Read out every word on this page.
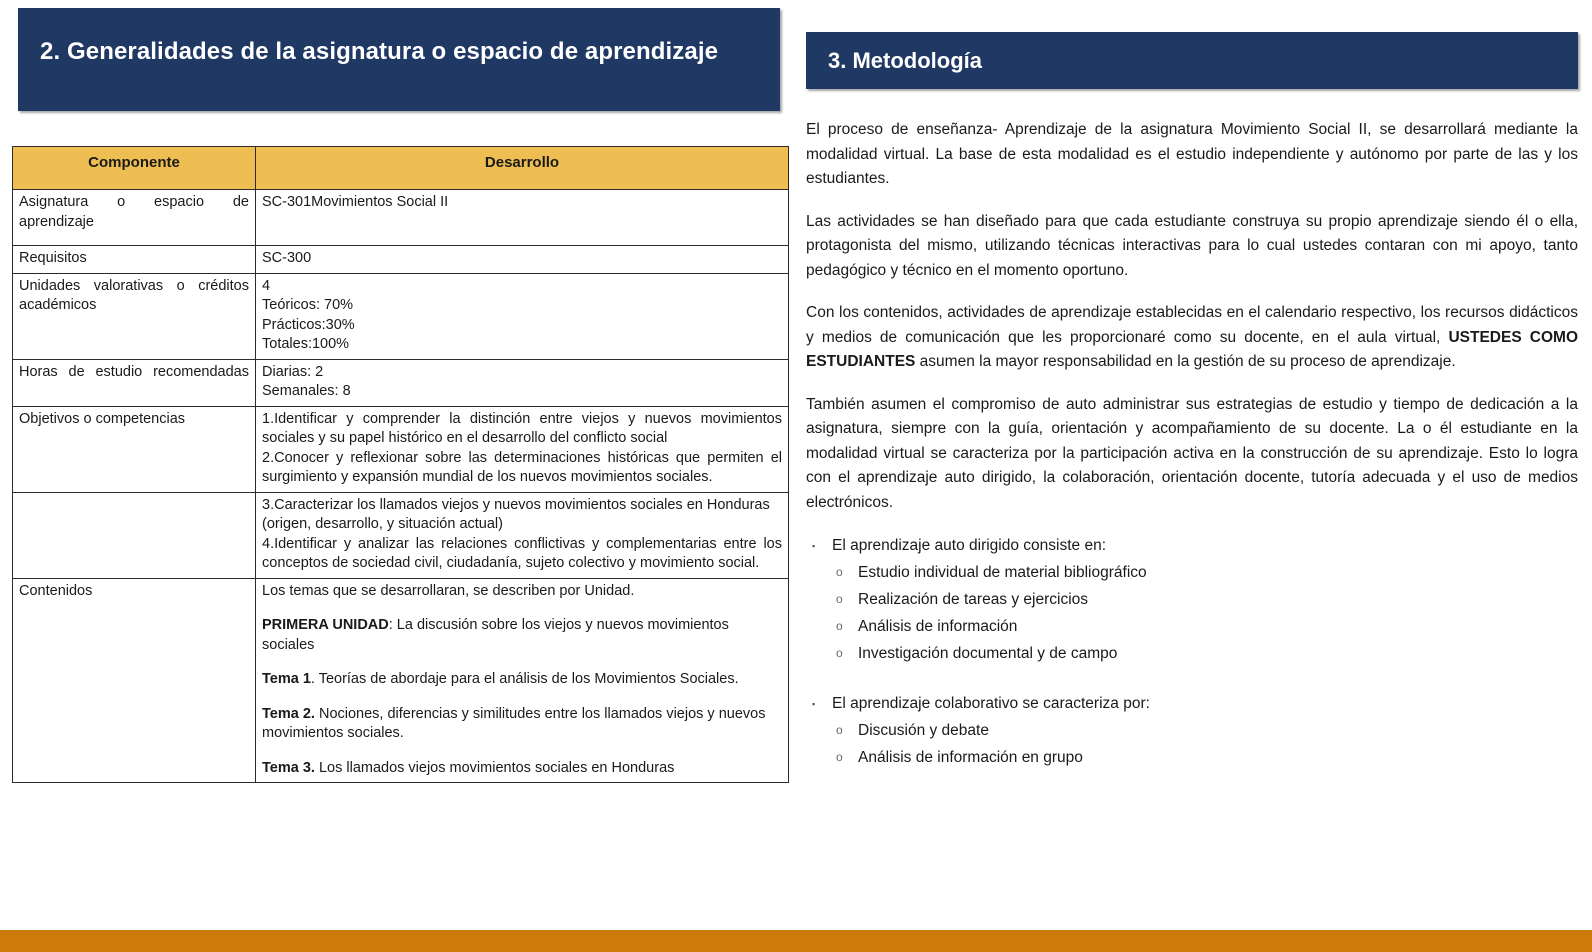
2. Generalidades de la asignatura o espacio de aprendizaje
Componente	Desarrollo
Asignatura o espacio de aprendizaje	SC-301Movimientos Social II
Requisitos	SC-300
Unidades valorativas o créditos académicos	4
Teóricos: 70%
Prácticos:30%
Totales:100%

Horas de estudio recomendadas	Diarias: 2
Semanales: 8

Objetivos o competencias	1.Identificar y comprender la distinción entre viejos y nuevos movimientos sociales y su papel histórico en el desarrollo del conflicto social
2.Conocer y reflexionar sobre las determinaciones históricas que permiten el surgimiento y expansión mundial de los nuevos movimientos sociales.

	3.Caracterizar los llamados viejos y nuevos movimientos sociales en Honduras (origen, desarrollo, y situación actual)
4.Identificar y analizar las relaciones conflictivas y complementarias entre los conceptos de sociedad civil, ciudadanía, sujeto colectivo y movimiento social.

Contenidos	Los temas que se desarrollaran, se describen por Unidad.
PRIMERA UNIDAD: La discusión sobre los viejos y nuevos movimientos sociales
Tema 1. Teorías de abordaje para el análisis de los Movimientos Sociales.
Tema 2. Nociones, diferencias y similitudes entre los llamados viejos y nuevos movimientos sociales.
Tema 3. Los llamados viejos movimientos sociales en Honduras
3. Metodología

El proceso de enseñanza- Aprendizaje de la asignatura Movimiento Social II, se desarrollará mediante la modalidad virtual. La base de esta modalidad es el estudio independiente y autónomo por parte de las y los estudiantes.

Las actividades se han diseñado para que cada estudiante construya su propio aprendizaje siendo él o ella, protagonista del mismo, utilizando técnicas interactivas para lo cual ustedes contaran con mi apoyo, tanto pedagógico y técnico en el momento oportuno.

Con los contenidos, actividades de aprendizaje establecidas en el calendario respectivo, los recursos didácticos y medios de comunicación que les proporcionaré como su docente, en el aula virtual, USTEDES COMO ESTUDIANTES asumen la mayor responsabilidad en la gestión de su proceso de aprendizaje.

También asumen el compromiso de auto administrar sus estrategias de estudio y tiempo de dedicación a la asignatura, siempre con la guía, orientación y acompañamiento de su docente. La o él estudiante en la modalidad virtual se caracteriza por la participación activa en la construcción de su aprendizaje. Esto lo logra con el aprendizaje auto dirigido, la colaboración, orientación docente, tutoría adecuada y el uso de medios electrónicos.

▪	El aprendizaje auto dirigido consiste en:
o Estudio individual de material bibliográfico
o Realización de tareas y ejercicios
o Análisis de información
o Investigación documental y de campo
▪	El aprendizaje colaborativo se caracteriza por:
o Discusión y debate
o Análisis de información en grupo
